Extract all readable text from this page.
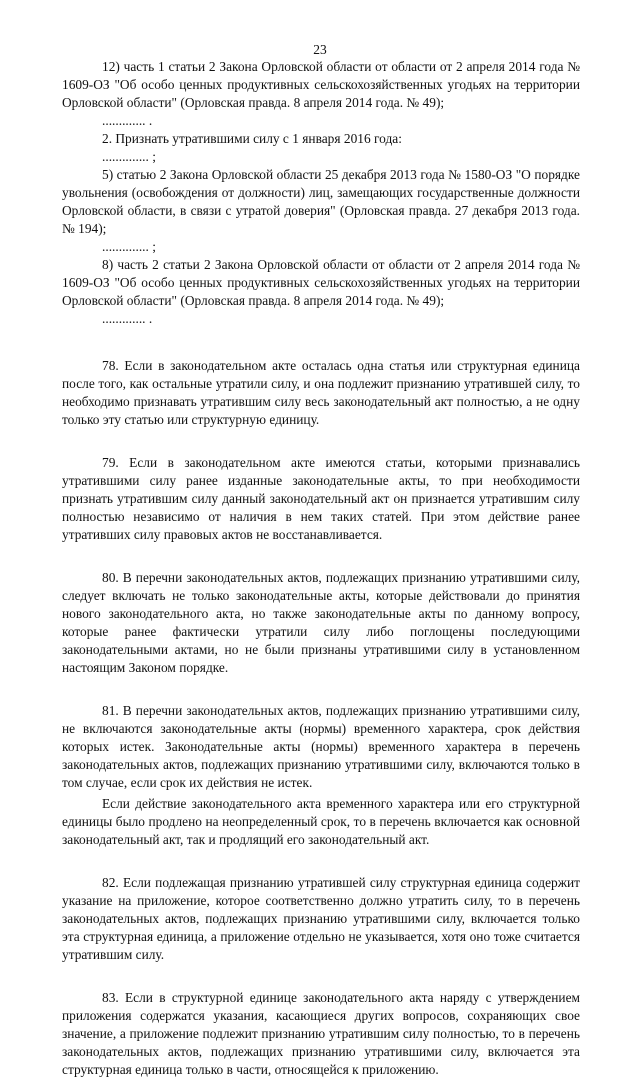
23

12) часть 1 статьи 2 Закона Орловской области от области от 2 апреля 2014 года № 1609-ОЗ "Об особо ценных продуктивных сельскохозяйственных угодьях на территории Орловской области" (Орловская правда. 8 апреля 2014 года. № 49);

............. .

2. Признать утратившими силу с 1 января 2016 года:

.............. ;

5) статью 2 Закона Орловской области 25 декабря 2013 года № 1580-ОЗ "О порядке увольнения (освобождения от должности) лиц, замещающих государственные должности Орловской области, в связи с утратой доверия" (Орловская правда. 27 декабря 2013 года. № 194);

.............. ;

8) часть 2 статьи 2 Закона Орловской области от области от 2 апреля 2014 года № 1609-ОЗ "Об особо ценных продуктивных сельскохозяйственных угодьях на территории Орловской области" (Орловская правда. 8 апреля 2014 года. № 49);

............. .

78. Если в законодательном акте осталась одна статья или структурная единица после того, как остальные утратили силу, и она подлежит признанию утратившей силу, то необходимо признавать утратившим силу весь законодательный акт полностью, а не одну только эту статью или структурную единицу.

79. Если в законодательном акте имеются статьи, которыми признавались утратившими силу ранее изданные законодательные акты, то при необходимости признать утратившим силу данный законодательный акт он признается утратившим силу полностью независимо от наличия в нем таких статей. При этом действие ранее утративших силу правовых актов не восстанавливается.

80. В перечни законодательных актов, подлежащих признанию утратившими силу, следует включать не только законодательные акты, которые действовали до принятия нового законодательного акта, но также законодательные акты по данному вопросу, которые ранее фактически утратили силу либо поглощены последующими законодательными актами, но не были признаны утратившими силу в установленном настоящим Законом порядке.

81. В перечни законодательных актов, подлежащих признанию утратившими силу, не включаются законодательные акты (нормы) временного характера, срок действия которых истек. Законодательные акты (нормы) временного характера в перечень законодательных актов, подлежащих признанию утратившими силу, включаются только в том случае, если срок их действия не истек.

Если действие законодательного акта временного характера или его структурной единицы было продлено на неопределенный срок, то в перечень включается как основной законодательный акт, так и продлящий его законодательный акт.

82. Если подлежащая признанию утратившей силу структурная единица содержит указание на приложение, которое соответственно должно утратить силу, то в перечень законодательных актов, подлежащих признанию утратившими силу, включается только эта структурная единица, а приложение отдельно не указывается, хотя оно тоже считается утратившим силу.

83. Если в структурной единице законодательного акта наряду с утверждением приложения содержатся указания, касающиеся других вопросов, сохраняющих свое значение, а приложение подлежит признанию утратившим силу полностью, то в перечень законодательных актов, подлежащих признанию утратившими силу, включается эта структурная единица только в части, относящейся к приложению.
